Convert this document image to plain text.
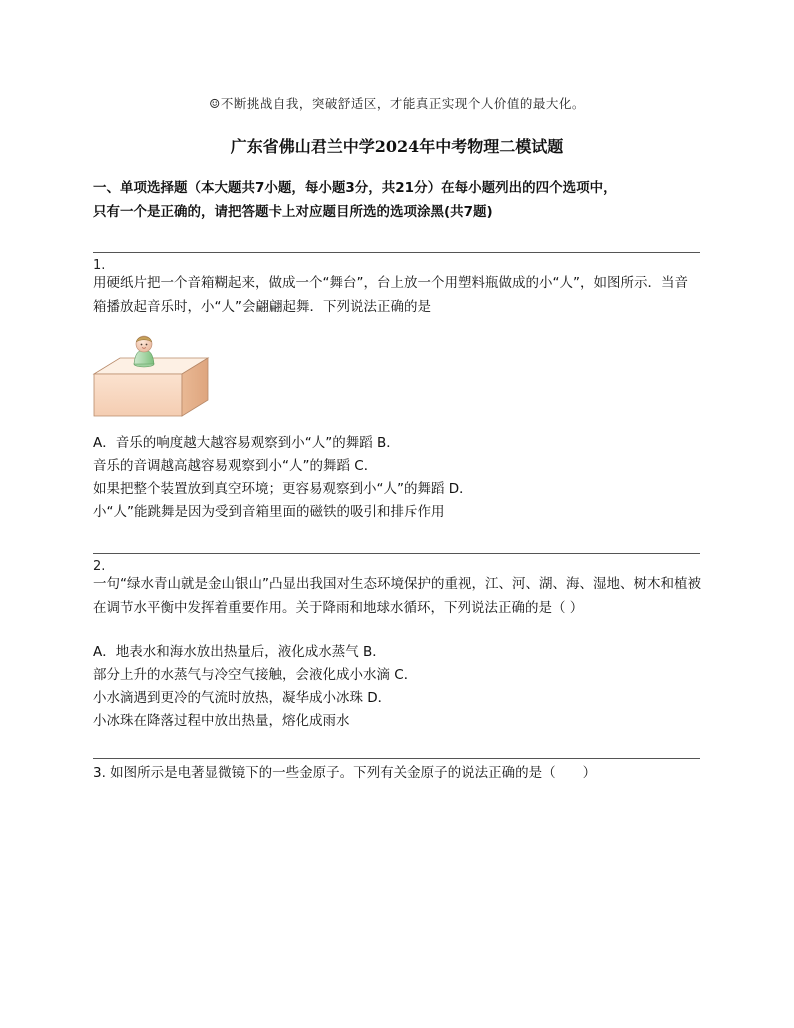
☺不断挑战自我，突破舒适区，才能真正实现个人价值的最大化。
广东省佛山君兰中学2024年中考物理二模试题
一、单项选择题（本大题共7小题，每小题3分，共21分）在每小题列出的四个选项中，
只有一个是正确的，请把答题卡上对应题目所选的选项涂黑(共7题)
1.
用硬纸片把一个音箱糊起来，做成一个“舞台”，台上放一个用塑料瓶做成的小“人”，如图所示．当音箱播放起音乐时，小“人”会翩翩起舞．下列说法正确的是
A．音乐的响度越大越容易观察到小“人”的舞蹈 B．
音乐的音调越高越容易观察到小“人”的舞蹈 C．
如果把整个装置放到真空环境；更容易观察到小“人”的舞蹈 D．
小“人”能跳舞是因为受到音箱里面的磁铁的吸引和排斥作用
2.
一句“绿水青山就是金山银山”凸显出我国对生态环境保护的重视，江、河、湖、海、湿地、树木和植被在调节水平衡中发挥着重要作用。关于降雨和地球水循环，下列说法正确的是（ ）
A．地表水和海水放出热量后，液化成水蒸气 B．
部分上升的水蒸气与冷空气接触，会液化成小水滴 C．
小水滴遇到更冷的气流时放热，凝华成小冰珠 D．
小冰珠在降落过程中放出热量，熔化成雨水
3. 如图所示是电著显微镜下的一些金原子。下列有关金原子的说法正确的是（　　）
